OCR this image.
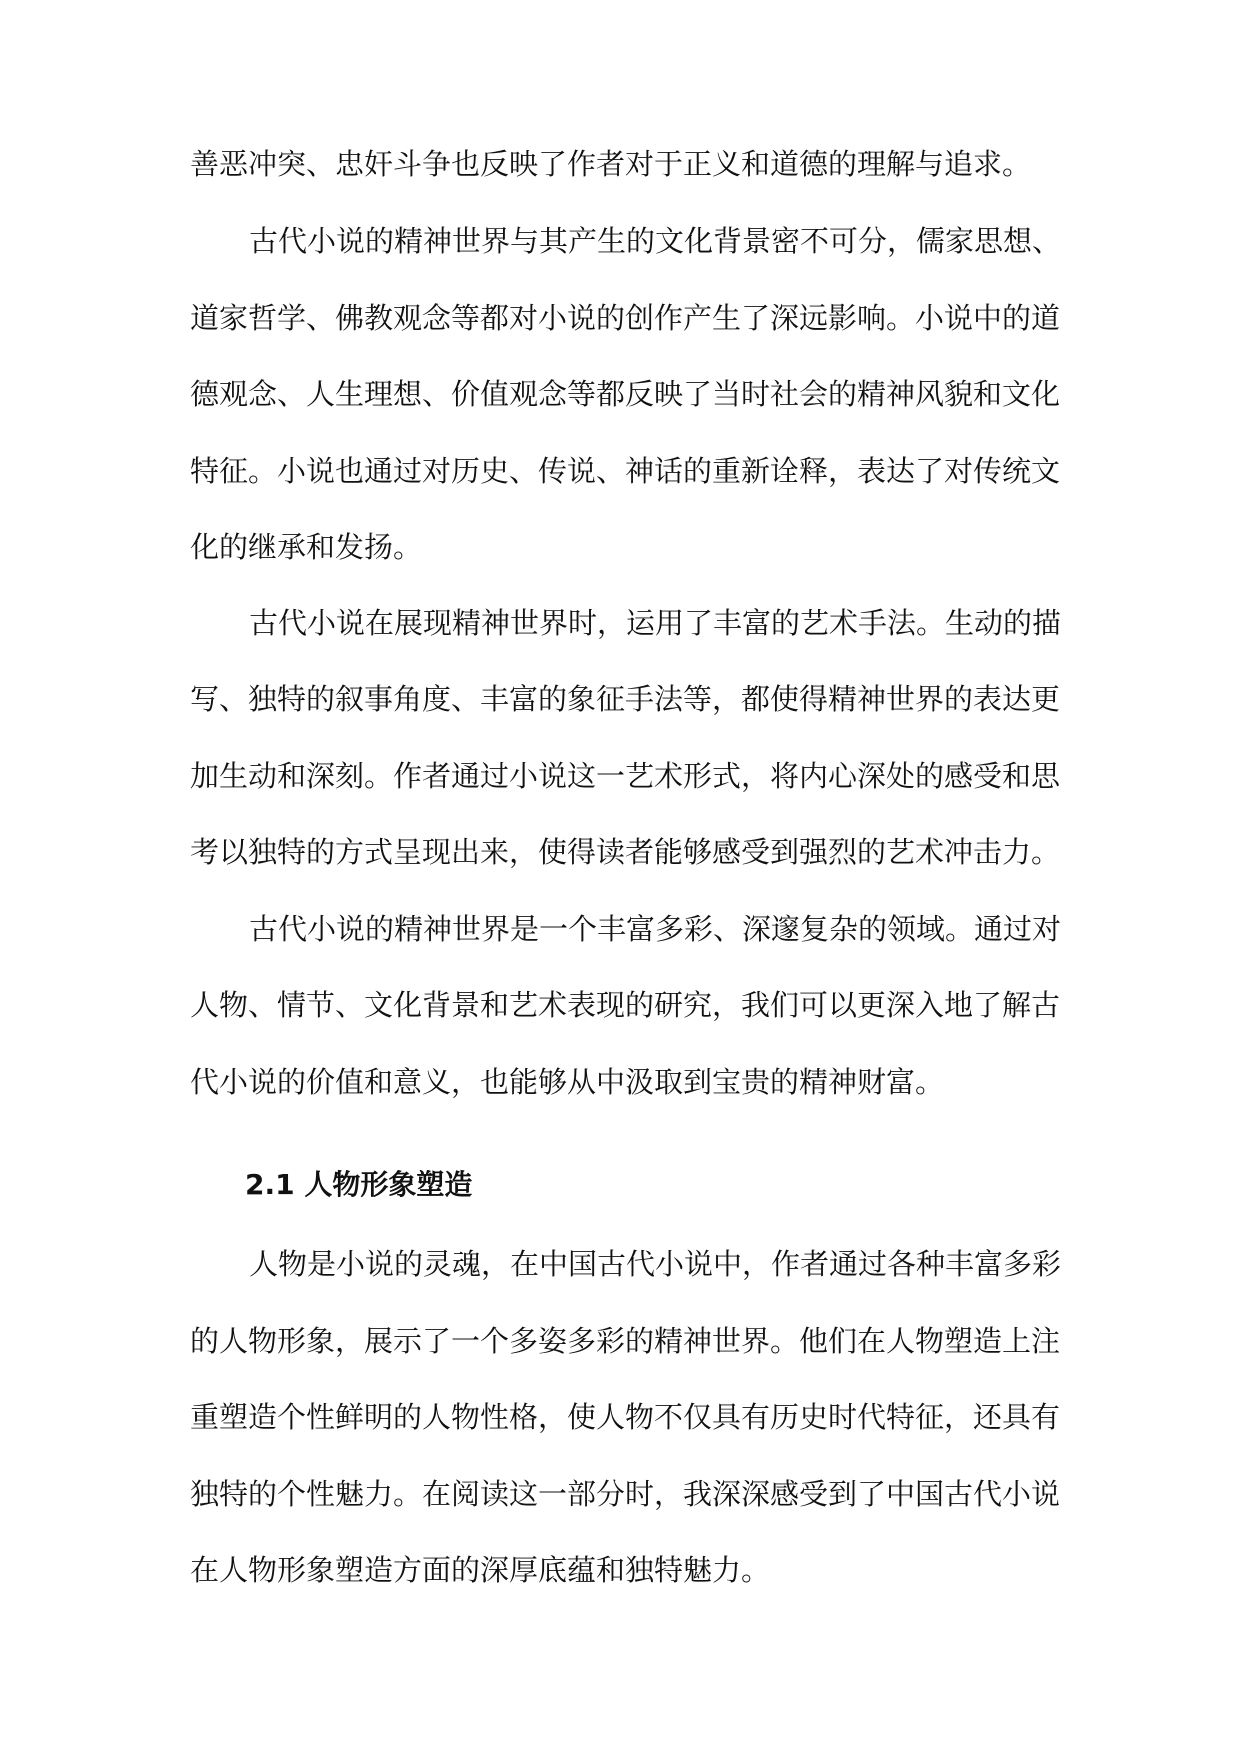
善恶冲突、忠奸斗争也反映了作者对于正义和道德的理解与追求。
古代小说的精神世界与其产生的文化背景密不可分，儒家思想、
道家哲学、佛教观念等都对小说的创作产生了深远影响。小说中的道
德观念、人生理想、价值观念等都反映了当时社会的精神风貌和文化
特征。小说也通过对历史、传说、神话的重新诠释，表达了对传统文
化的继承和发扬。
古代小说在展现精神世界时，运用了丰富的艺术手法。生动的描
写、独特的叙事角度、丰富的象征手法等，都使得精神世界的表达更
加生动和深刻。作者通过小说这一艺术形式，将内心深处的感受和思
考以独特的方式呈现出来，使得读者能够感受到强烈的艺术冲击力。
古代小说的精神世界是一个丰富多彩、深邃复杂的领域。通过对
人物、情节、文化背景和艺术表现的研究，我们可以更深入地了解古
代小说的价值和意义，也能够从中汲取到宝贵的精神财富。
2.1 人物形象塑造
人物是小说的灵魂，在中国古代小说中，作者通过各种丰富多彩
的人物形象，展示了一个多姿多彩的精神世界。他们在人物塑造上注
重塑造个性鲜明的人物性格，使人物不仅具有历史时代特征，还具有
独特的个性魅力。在阅读这一部分时，我深深感受到了中国古代小说
在人物形象塑造方面的深厚底蕴和独特魅力。
